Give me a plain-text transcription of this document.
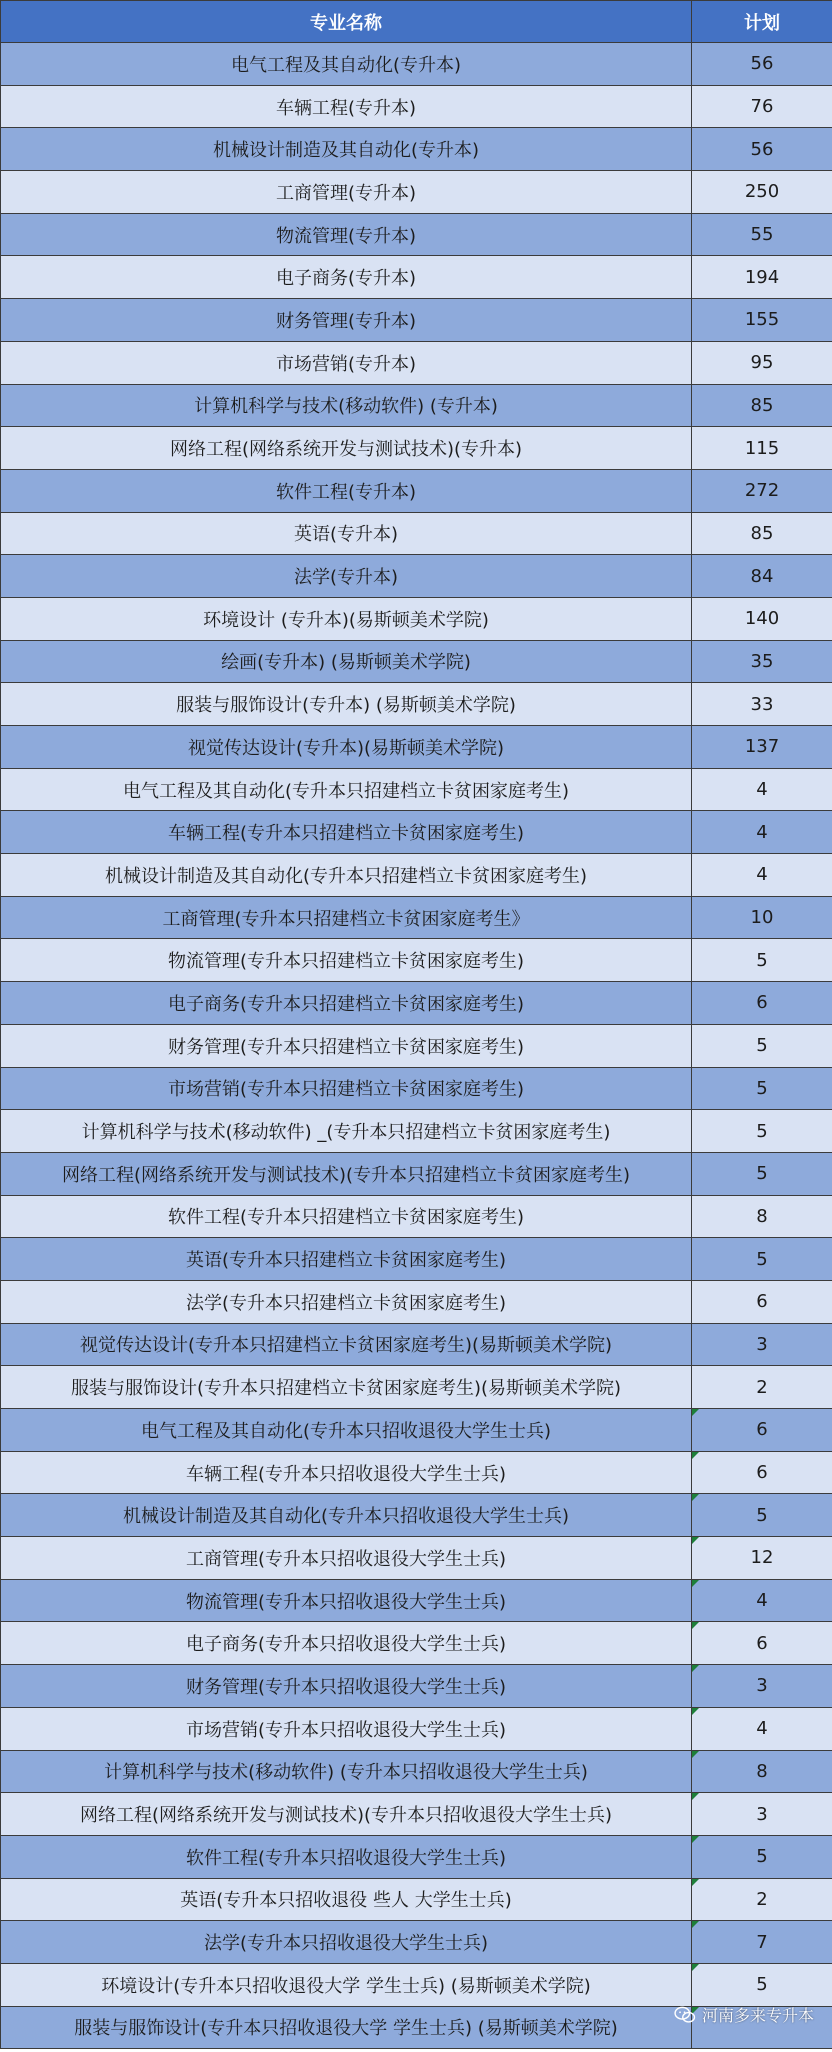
专业名称	计划
电气工程及其自动化(专升本)	56
车辆工程(专升本)	76
机械设计制造及其自动化(专升本)	56
工商管理(专升本)	250
物流管理(专升本)	55
电子商务(专升本)	194
财务管理(专升本)	155
市场营销(专升本)	95
计算机科学与技术(移动软件) (专升本)	85
网络工程(网络系统开发与测试技术)(专升本)	115
软件工程(专升本)	272
英语(专升本)	85
法学(专升本)	84
环境设计 (专升本)(易斯顿美术学院)	140
绘画(专升本) (易斯顿美术学院)	35
服装与服饰设计(专升本) (易斯顿美术学院)	33
视觉传达设计(专升本)(易斯顿美术学院)	137
电气工程及其自动化(专升本只招建档立卡贫困家庭考生)	4
车辆工程(专升本只招建档立卡贫困家庭考生)	4
机械设计制造及其自动化(专升本只招建档立卡贫困家庭考生)	4
工商管理(专升本只招建档立卡贫困家庭考生》	10
物流管理(专升本只招建档立卡贫困家庭考生)	5
电子商务(专升本只招建档立卡贫困家庭考生)	6
财务管理(专升本只招建档立卡贫困家庭考生)	5
市场营销(专升本只招建档立卡贫困家庭考生)	5
计算机科学与技术(移动软件) _(专升本只招建档立卡贫困家庭考生)	5
网络工程(网络系统开发与测试技术)(专升本只招建档立卡贫困家庭考生)	5
软件工程(专升本只招建档立卡贫困家庭考生)	8
英语(专升本只招建档立卡贫困家庭考生)	5
法学(专升本只招建档立卡贫困家庭考生)	6
视觉传达设计(专升本只招建档立卡贫困家庭考生)(易斯顿美术学院)	3
服装与服饰设计(专升本只招建档立卡贫困家庭考生)(易斯顿美术学院)	2
电气工程及其自动化(专升本只招收退役大学生士兵)	6
车辆工程(专升本只招收退役大学生士兵)	6
机械设计制造及其自动化(专升本只招收退役大学生士兵)	5
工商管理(专升本只招收退役大学生士兵)	12
物流管理(专升本只招收退役大学生士兵)	4
电子商务(专升本只招收退役大学生士兵)	6
财务管理(专升本只招收退役大学生士兵)	3
市场营销(专升本只招收退役大学生士兵)	4
计算机科学与技术(移动软件) (专升本只招收退役大学生士兵)	8
网络工程(网络系统开发与测试技术)(专升本只招收退役大学生士兵)	3
软件工程(专升本只招收退役大学生士兵)	5
英语(专升本只招收退役 些人 大学生士兵)	2
法学(专升本只招收退役大学生士兵)	7
环境设计(专升本只招收退役大学 学生士兵) (易斯顿美术学院)	5
服装与服饰设计(专升本只招收退役大学 学生士兵) (易斯顿美术学院)	
河南多来专升本
